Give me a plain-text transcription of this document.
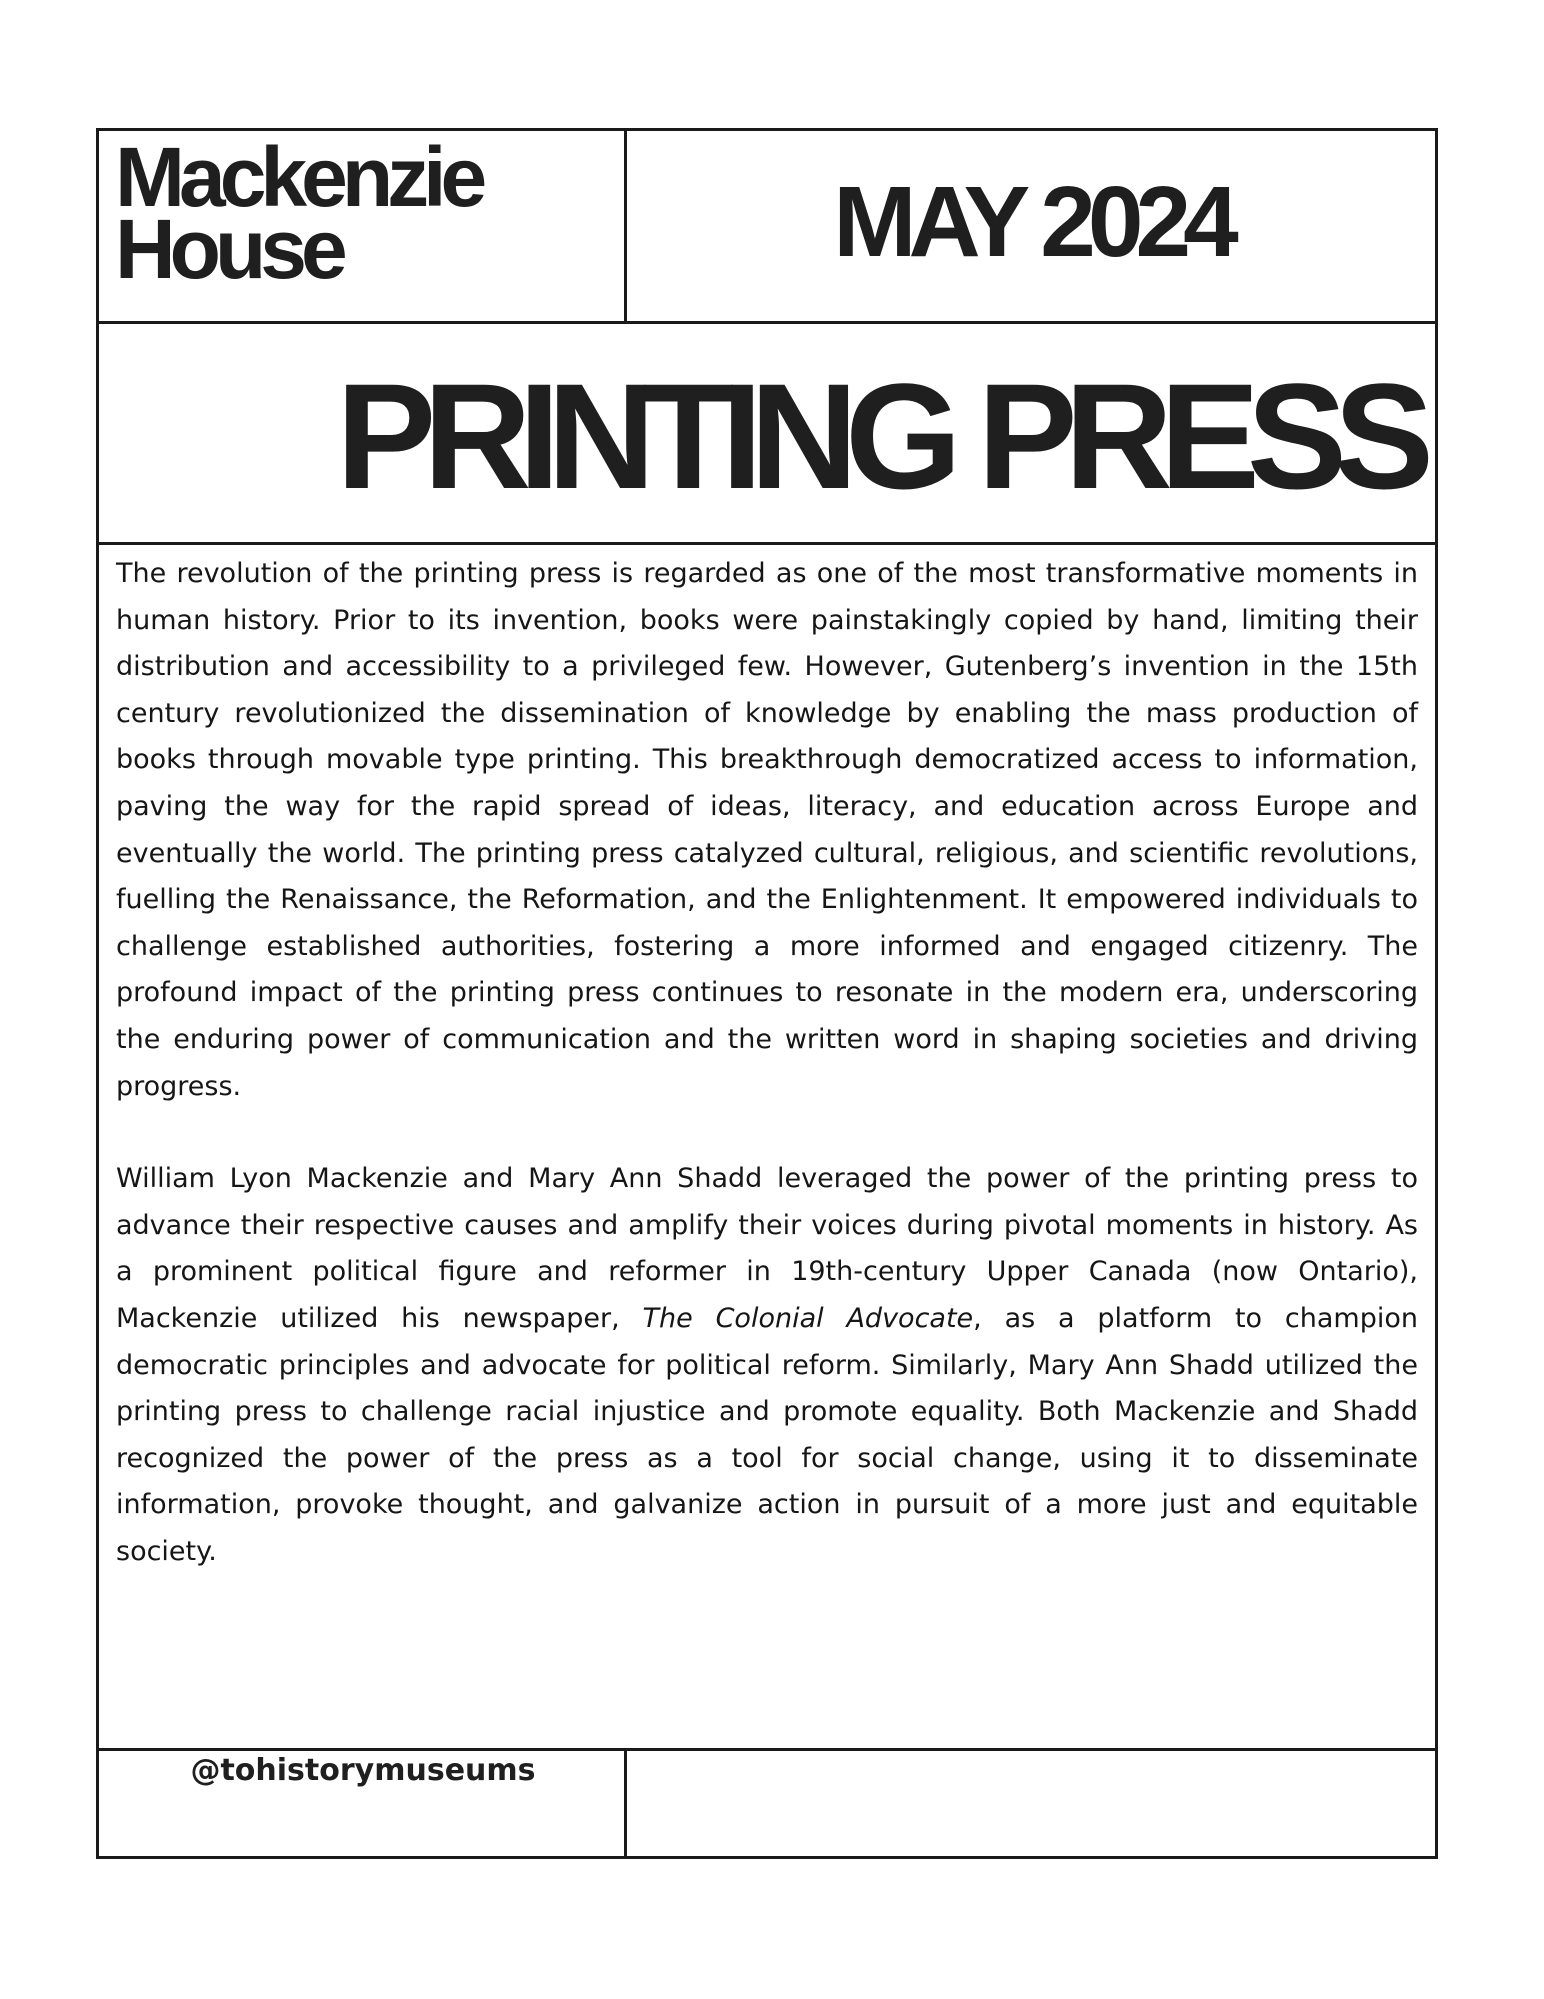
Mackenzie
House	MAY 2024
PRINTING PRESS

The revolution of the printing press is regarded as one of the most transformative moments in human history. Prior to its invention, books were painstakingly copied by hand, limiting their distribution and accessibility to a privileged few. However, Gutenberg’s invention in the 15th century revolutionized the dissemination of knowledge by enabling the mass production of books through movable type printing. This breakthrough democratized access to information, paving the way for the rapid spread of ideas, literacy, and education across Europe and eventually the world. The printing press catalyzed cultural, religious, and scientific revolutions, fuelling the Renaissance, the Reformation, and the Enlightenment. It empowered individuals to challenge established authorities, fostering a more informed and engaged citizenry. The profound impact of the printing press continues to resonate in the modern era, underscoring the enduring power of communication and the written word in shaping societies and driving progress.

William Lyon Mackenzie and Mary Ann Shadd leveraged the power of the printing press to advance their respective causes and amplify their voices during pivotal moments in history. As a prominent political figure and reformer in 19th-century Upper Canada (now Ontario), Mackenzie utilized his newspaper, The Colonial Advocate, as a platform to champion democratic principles and advocate for political reform. Similarly, Mary Ann Shadd utilized the printing press to challenge racial injustice and promote equality. Both Mackenzie and Shadd recognized the power of the press as a tool for social change, using it to disseminate information, provoke thought, and galvanize action in pursuit of a more just and equitable society.

@tohistorymuseums
